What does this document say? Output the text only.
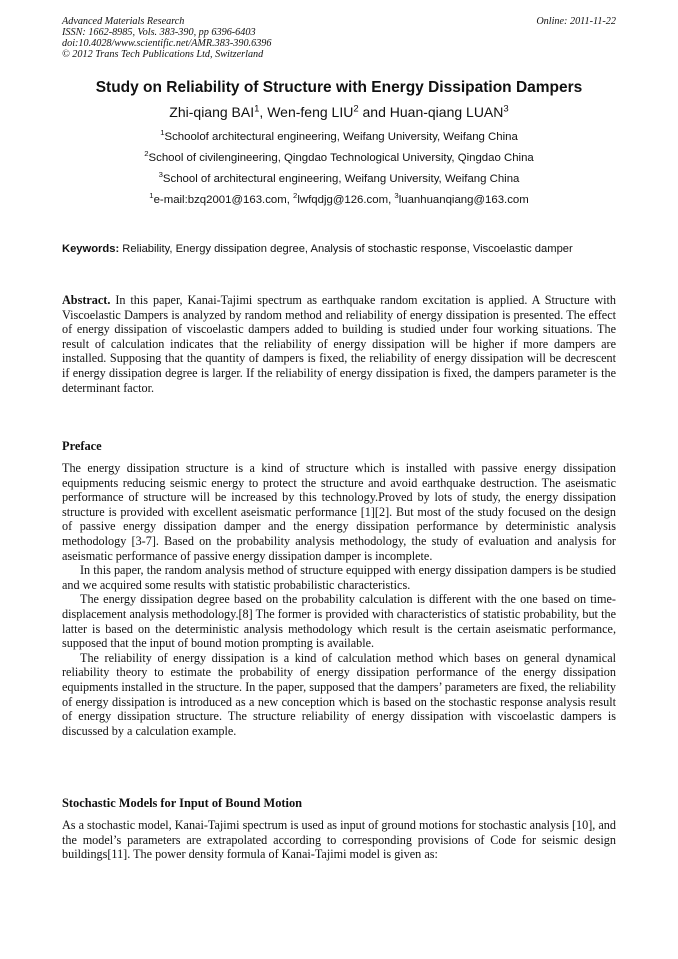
Advanced Materials Research
ISSN: 1662-8985, Vols. 383-390, pp 6396-6403
doi:10.4028/www.scientific.net/AMR.383-390.6396
© 2012 Trans Tech Publications Ltd, Switzerland
Online: 2011-11-22
Study on Reliability of Structure with Energy Dissipation Dampers
Zhi-qiang BAI$^1$, Wen-feng LIU$^2$ and Huan-qiang LUAN$^3$
$^1$Schoolof architectural engineering, Weifang University, Weifang China
$^2$School of civilengineering, Qingdao Technological University, Qingdao China
$^3$School of architectural engineering, Weifang University, Weifang China
$^1$e-mail:bzq2001@163.com, $^2$lwfqdjg@126.com, $^3$luanhuanqiang@163.com
Keywords: Reliability, Energy dissipation degree, Analysis of stochastic response, Viscoelastic damper
Abstract. In this paper, Kanai-Tajimi spectrum as earthquake random excitation is applied. A Structure with Viscoelastic Dampers is analyzed by random method and reliability of energy dissipation is presented. The effect of energy dissipation of viscoelastic dampers added to building is studied under four working situations. The result of calculation indicates that the reliability of energy dissipation will be higher if more dampers are installed. Supposing that the quantity of dampers is fixed, the reliability of energy dissipation will be decrescent if energy dissipation degree is larger. If the reliability of energy dissipation is fixed, the dampers parameter is the determinant factor.
Preface

The energy dissipation structure is a kind of structure which is installed with passive energy dissipation equipments reducing seismic energy to protect the structure and avoid earthquake destruction. The aseismatic performance of structure will be increased by this technology.Proved by lots of study, the energy dissipation structure is provided with excellent aseismatic performance [1][2]. But most of the study focused on the design of passive energy dissipation damper and the energy dissipation performance by deterministic analysis methodology [3-7]. Based on the probability analysis methodology, the study of evaluation and analysis for aseismatic performance of passive energy dissipation damper is incomplete.

In this paper, the random analysis method of structure equipped with energy dissipation dampers is be studied and we acquired some results with statistic probabilistic characteristics.

The energy dissipation degree based on the probability calculation is different with the one based on time-displacement analysis methodology.[8] The former is provided with characteristics of statistic probability, but the latter is based on the deterministic analysis methodology which result is the certain aseismatic performance, supposed that the input of bound motion prompting is available.

The reliability of energy dissipation is a kind of calculation method which bases on general dynamical reliability theory to estimate the probability of energy dissipation performance of the energy dissipation equipments installed in the structure. In the paper, supposed that the dampers’ parameters are fixed, the reliability of energy dissipation is introduced as a new conception which is based on the stochastic response analysis result of energy dissipation structure. The structure reliability of energy dissipation with viscoelastic dampers is discussed by a calculation example.

Stochastic Models for Input of Bound Motion

As a stochastic model, Kanai-Tajimi spectrum is used as input of ground motions for stochastic analysis [10], and the model’s parameters are extrapolated according to corresponding provisions of Code for seismic design buildings[11]. The power density formula of Kanai-Tajimi model is given as:
